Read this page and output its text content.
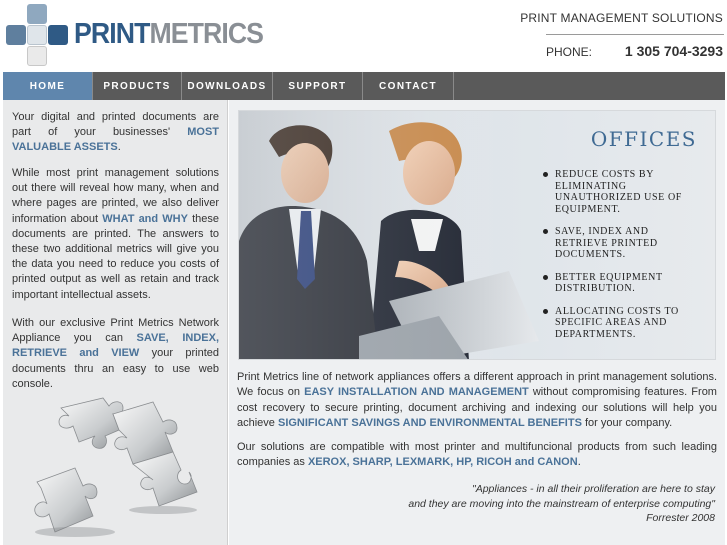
PRINTMETRICS	PRINT MANAGEMENT SOLUTIONS
PHONE: 1 305 704-3293
HOME	PRODUCTS	DOWNLOADS	SUPPORT	CONTACT

Your digital and printed documents are part of your businesses' MOST VALUABLE ASSETS.

While most print management solutions out there will reveal how many, when and where pages are printed, we also deliver information about WHAT and WHY these documents are printed. The answers to these two additional metrics will give you the data you need to reduce you costs of printed output as well as retain and track important intellectual assets.

With our exclusive Print Metrics Network Appliance you can SAVE, INDEX, RETRIEVE and VIEW your printed documents thru an easy to use web console.

OFFICES
REDUCE COSTS BY ELIMINATING UNAUTHORIZED USE OF EQUIPMENT.
SAVE, INDEX AND RETRIEVE PRINTED DOCUMENTS.
BETTER EQUIPMENT DISTRIBUTION.
ALLOCATING COSTS TO SPECIFIC AREAS AND DEPARTMENTS.

Print Metrics line of network appliances offers a different approach in print management solutions. We focus on EASY INSTALLATION AND MANAGEMENT without compromising features. From cost recovery to secure printing, document archiving and indexing our solutions will help you achieve SIGNIFICANT SAVINGS AND ENVIRONMENTAL BENEFITS for your company.

Our solutions are compatible with most printer and multifuncional products from such leading companies as XEROX, SHARP, LEXMARK, HP, RICOH and CANON.

"Appliances - in all their proliferation are here to stay
and they are moving into the mainstream of enterprise computing"
Forrester 2008
